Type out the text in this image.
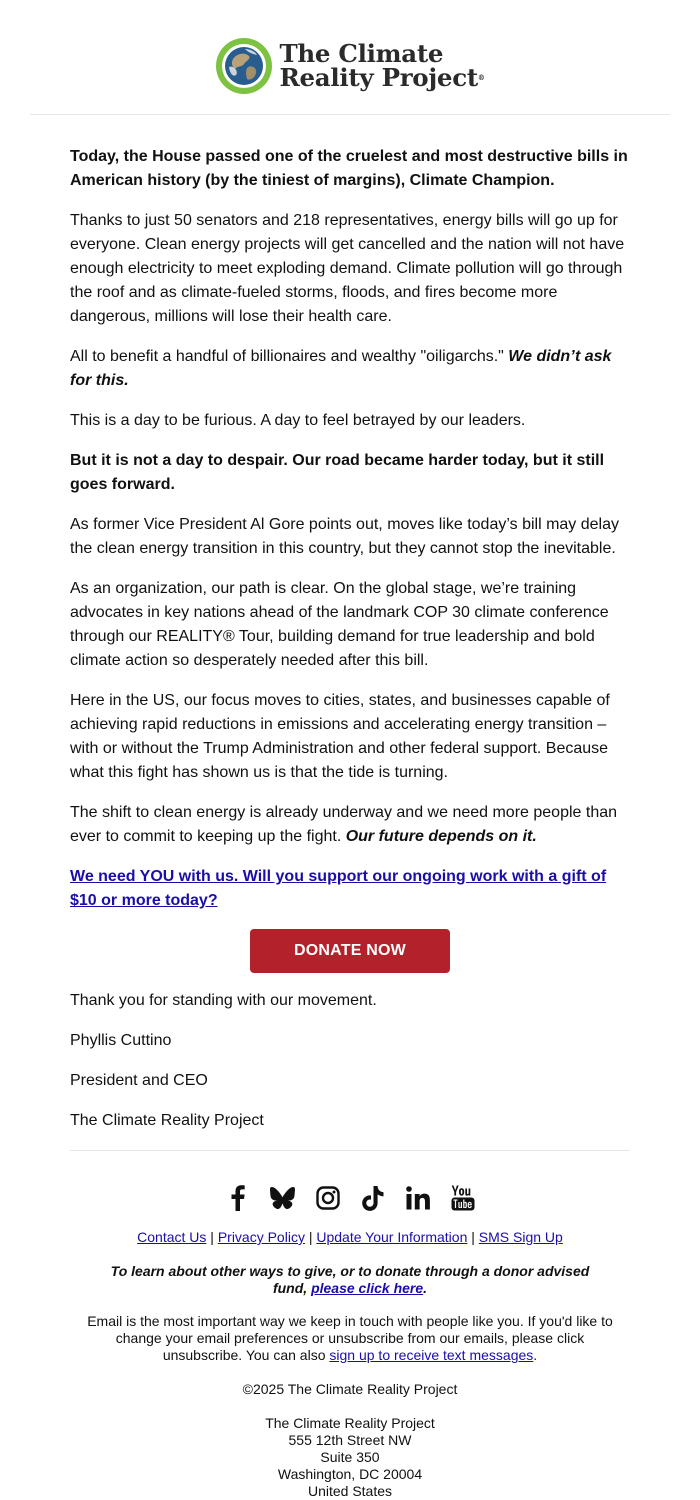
The Climate
Reality Project®

Today, the House passed one of the cruelest and most destructive bills in American history (by the tiniest of margins), Climate Champion.

Thanks to just 50 senators and 218 representatives, energy bills will go up for everyone. Clean energy projects will get cancelled and the nation will not have enough electricity to meet exploding demand. Climate pollution will go through the roof and as climate-fueled storms, floods, and fires become more dangerous, millions will lose their health care.

All to benefit a handful of billionaires and wealthy "oiligarchs." We didn’t ask for this.

This is a day to be furious. A day to feel betrayed by our leaders.

But it is not a day to despair. Our road became harder today, but it still goes forward.

As former Vice President Al Gore points out, moves like today’s bill may delay the clean energy transition in this country, but they cannot stop the inevitable.

As an organization, our path is clear. On the global stage, we’re training advocates in key nations ahead of the landmark COP 30 climate conference through our REALITY® Tour, building demand for true leadership and bold climate action so desperately needed after this bill.

Here in the US, our focus moves to cities, states, and businesses capable of achieving rapid reductions in emissions and accelerating energy transition – with or without the Trump Administration and other federal support. Because what this fight has shown us is that the tide is turning.

The shift to clean energy is already underway and we need more people than ever to commit to keeping up the fight. Our future depends on it.

We need YOU with us. Will you support our ongoing work with a gift of $10 or more today?

DONATE NOW

Thank you for standing with our movement.

Phyllis Cuttino

President and CEO

The Climate Reality Project

Contact Us | Privacy Policy | Update Your Information | SMS Sign Up
To learn about other ways to give, or to donate through a donor advised fund, please click here.
Email is the most important way we keep in touch with people like you. If you'd like to change your email preferences or unsubscribe from our emails, please click unsubscribe. You can also sign up to receive text messages.
©2025 The Climate Reality Project
The Climate Reality Project
555 12th Street NW
Suite 350
Washington, DC 20004
United States
